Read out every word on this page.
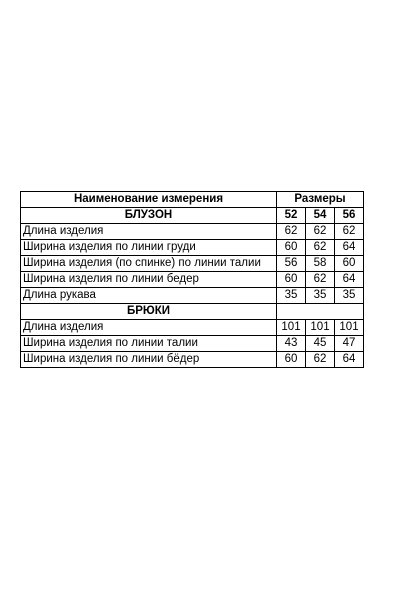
Наименование измерения	Размеры		
БЛУЗОН	52	54	56
Длина изделия	62	62	62
Ширина изделия по линии груди	60	62	64
Ширина изделия (по спинке) по линии талии	56	58	60
Ширина изделия по линии бедер	60	62	64
Длина рукава	35	35	35
БРЮКИ			
Длина изделия	101	101	101
Ширина изделия по линии талии	43	45	47
Ширина изделия по линии бёдер	60	62	64
